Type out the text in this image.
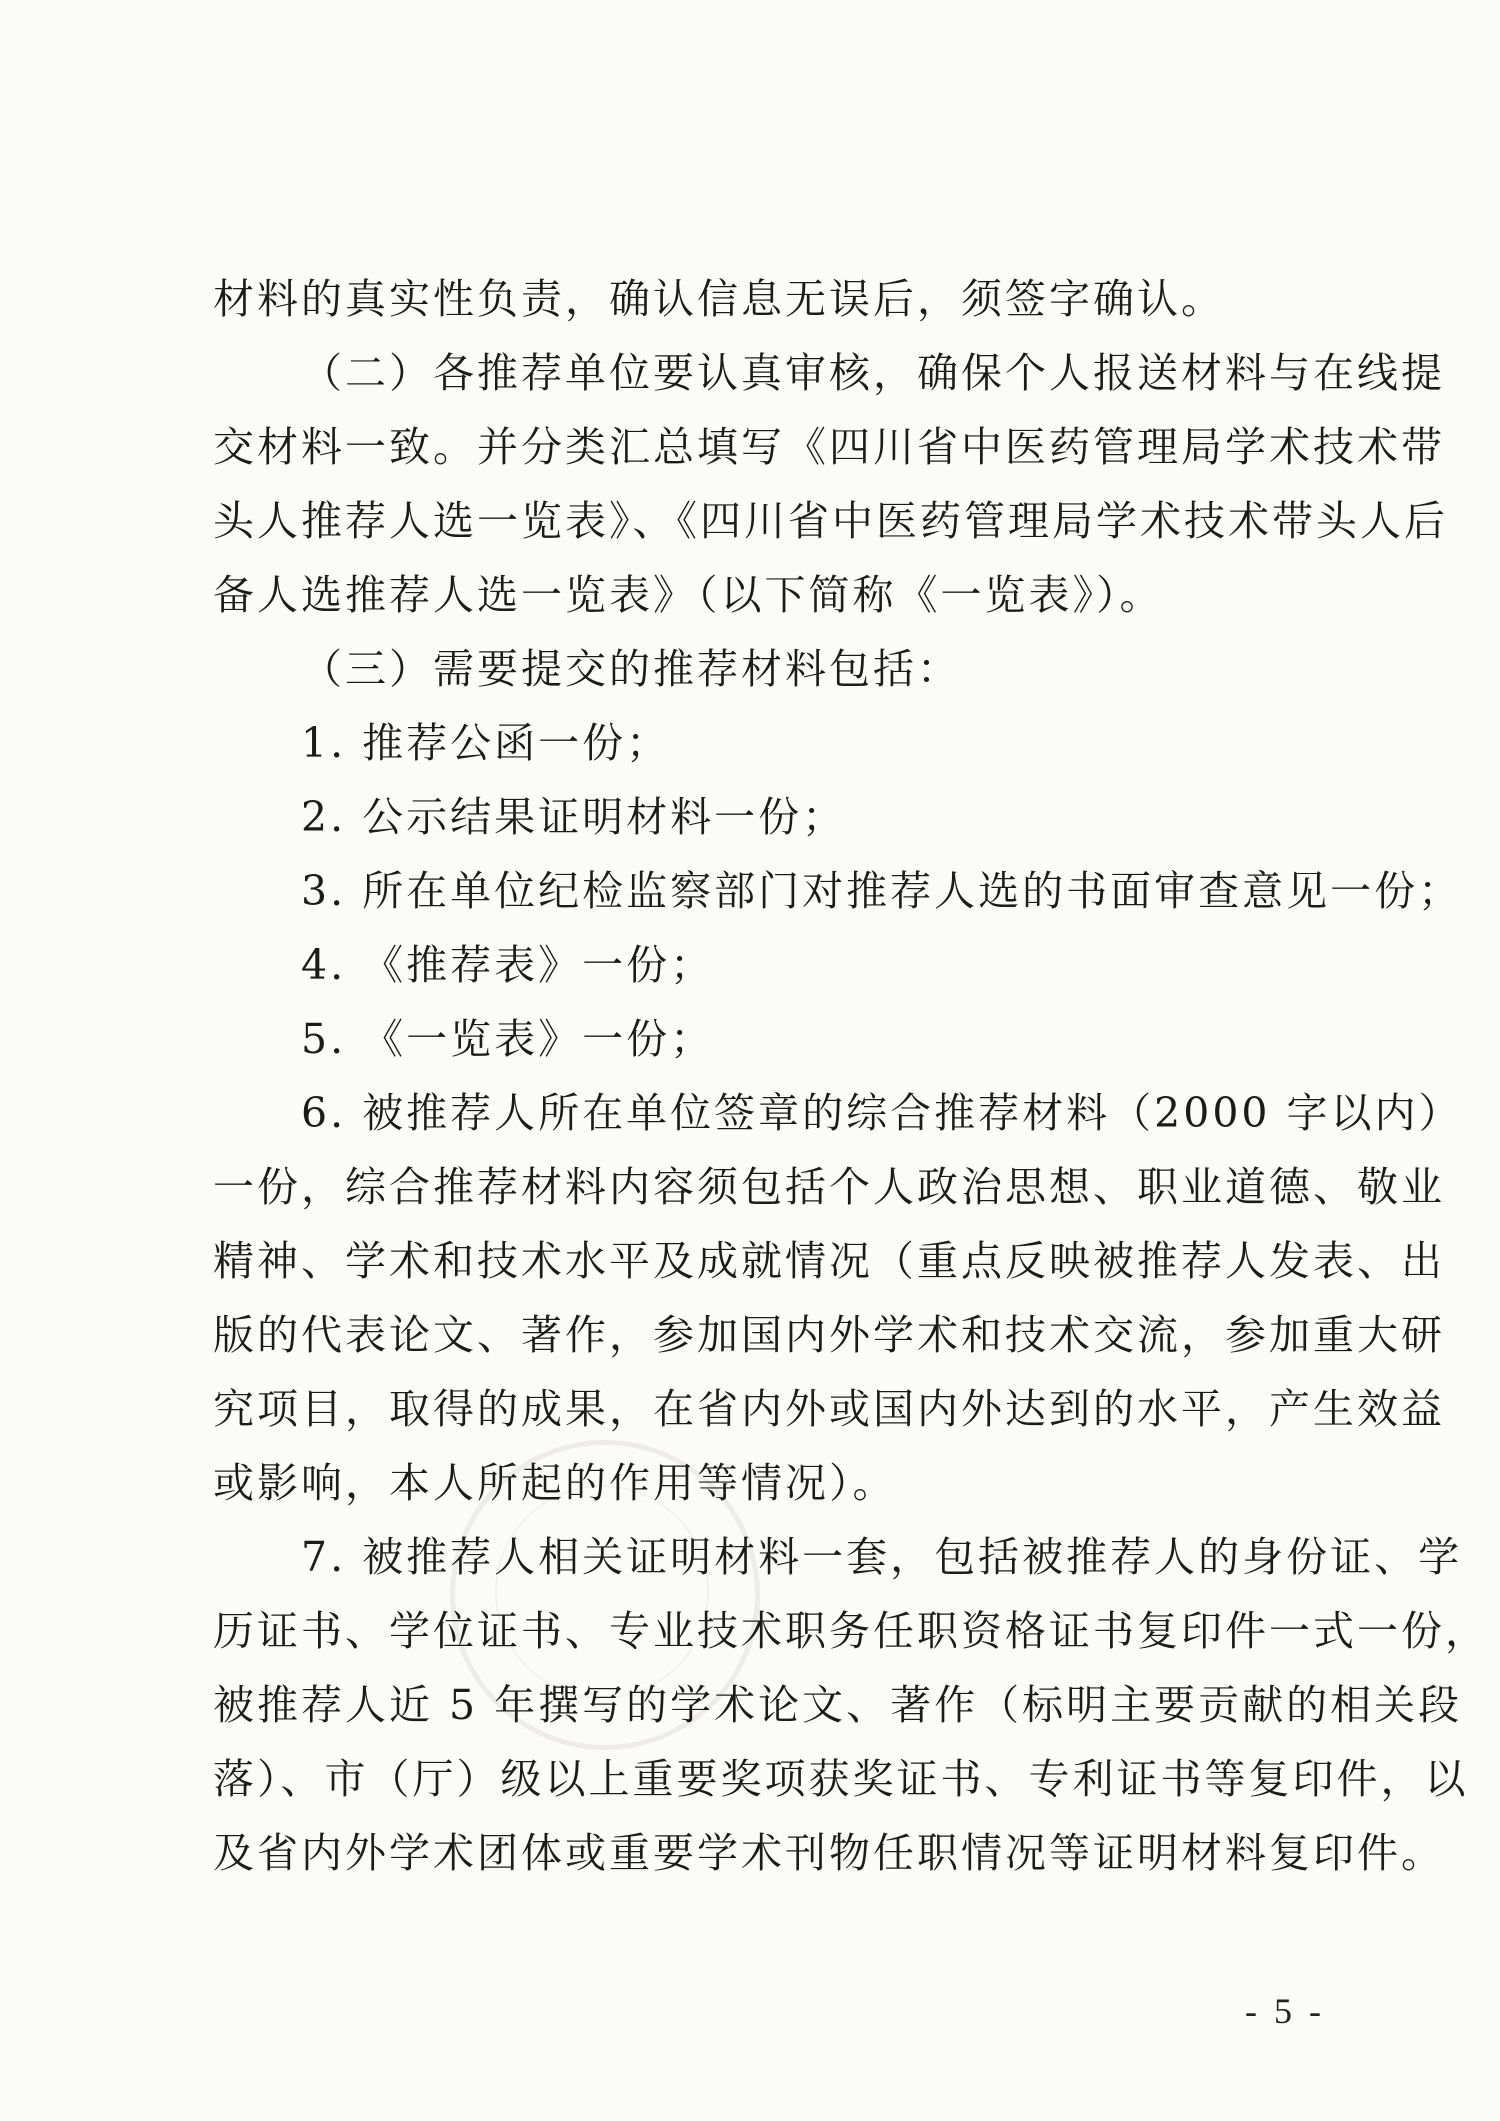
材料的真实性负责，确认信息无误后，须签字确认。
（二）各推荐单位要认真审核，确保个人报送材料与在线提
交材料一致。并分类汇总填写《四川省中医药管理局学术技术带
头人推荐人选一览表》、《四川省中医药管理局学术技术带头人后
备人选推荐人选一览表》（以下简称《一览表》）。
（三）需要提交的推荐材料包括：
1. 推荐公函一份；
2. 公示结果证明材料一份；
3. 所在单位纪检监察部门对推荐人选的书面审查意见一份；
4. 《推荐表》一份；
5. 《一览表》一份；
6. 被推荐人所在单位签章的综合推荐材料（2000 字以内）
一份，综合推荐材料内容须包括个人政治思想、职业道德、敬业
精神、学术和技术水平及成就情况（重点反映被推荐人发表、出
版的代表论文、著作，参加国内外学术和技术交流，参加重大研
究项目，取得的成果，在省内外或国内外达到的水平，产生效益
或影响，本人所起的作用等情况）。
7. 被推荐人相关证明材料一套，包括被推荐人的身份证、学
历证书、学位证书、专业技术职务任职资格证书复印件一式一份，
被推荐人近 5 年撰写的学术论文、著作（标明主要贡献的相关段
落）、市（厅）级以上重要奖项获奖证书、专利证书等复印件，以
及省内外学术团体或重要学术刊物任职情况等证明材料复印件。
- 5 -
